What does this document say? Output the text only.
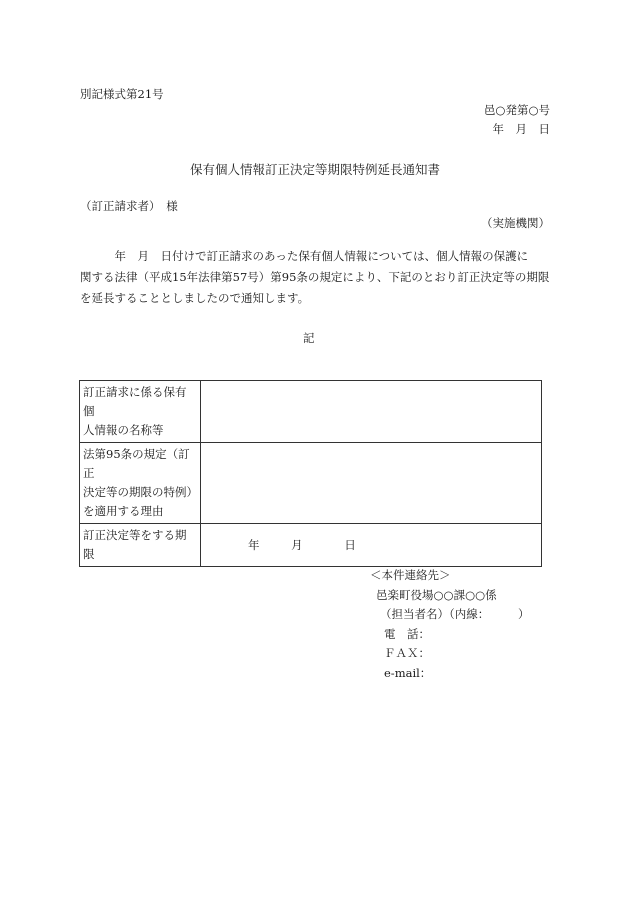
別記様式第21号
邑○発第○号
年　月　日
保有個人情報訂正決定等期限特例延長通知書
（訂正請求者）　様
（実施機関）

　　　年　月　日付けで訂正請求のあった保有個人情報については、個人情報の保護に

関する法律（平成15年法律第57号）第95条の規定により、下記のとおり訂正決定等の期限

を延長することとしましたので通知します。

記
訂正請求に係る保有個
人情報の名称等	

法第95条の規定（訂正
決定等の期限の特例）
を適用する理由	

訂正決定等をする期限	年 月 日
＜本件連絡先＞
邑楽町役場○○課○○係
（担当者名）（内線：　　　）
電　話：
ＦＡＸ：
e-mail：
